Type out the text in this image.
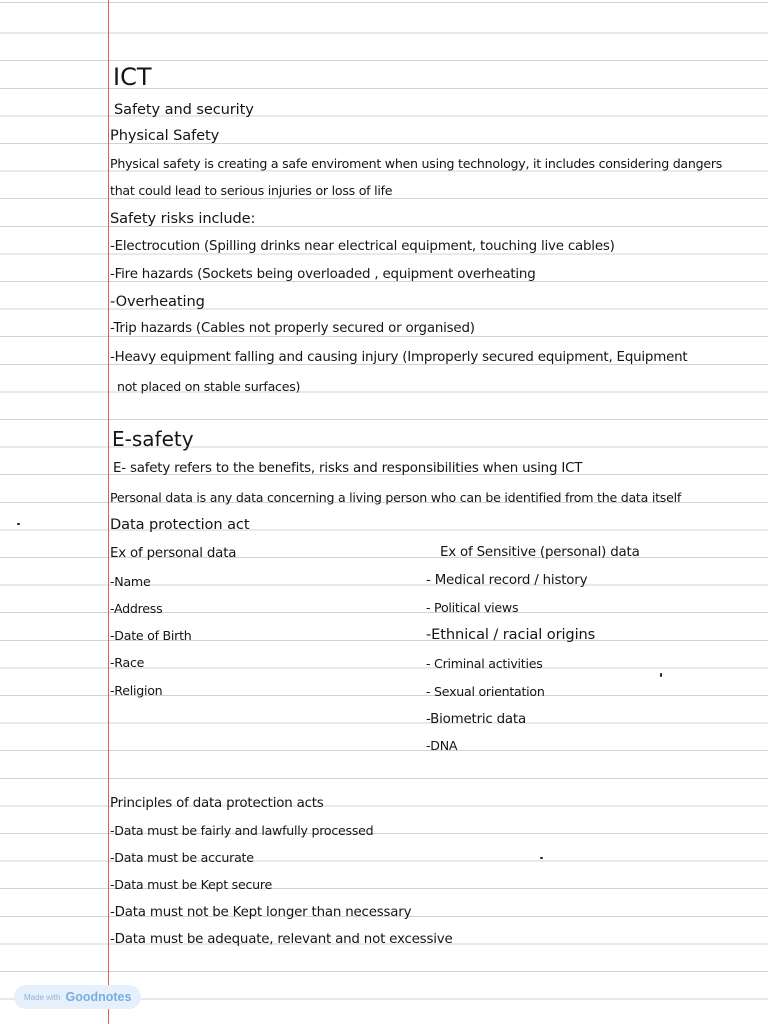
ICT
Safety and security
Physical Safety
Physical safety is creating a safe enviroment when using technology, it includes considering dangers
that could lead to serious injuries or loss of life
Safety risks include:
-Electrocution (Spilling drinks near electrical equipment, touching live cables)
-Fire hazards (Sockets being overloaded , equipment overheating
-Overheating
-Trip hazards (Cables not properly secured or organised)
-Heavy equipment falling and causing injury (Improperly secured equipment, Equipment
not placed on stable surfaces)
E-safety
E- safety refers to the benefits, risks and responsibilities when using ICT
Personal data is any data concerning a living person who can be identified from the data itself
Data protection act
Ex of personal data
-Name
-Address
-Date of Birth
-Race
-Religion
Ex of Sensitive (personal) data
- Medical record / history
- Political views
-Ethnical / racial origins
- Criminal activities
- Sexual orientation
-Biometric data
-DNA
Principles of data protection acts
-Data must be fairly and lawfully processed
-Data must be accurate
-Data must be Kept secure
-Data must not be Kept longer than necessary
-Data must be adequate, relevant and not excessive
Made with Goodnotes
